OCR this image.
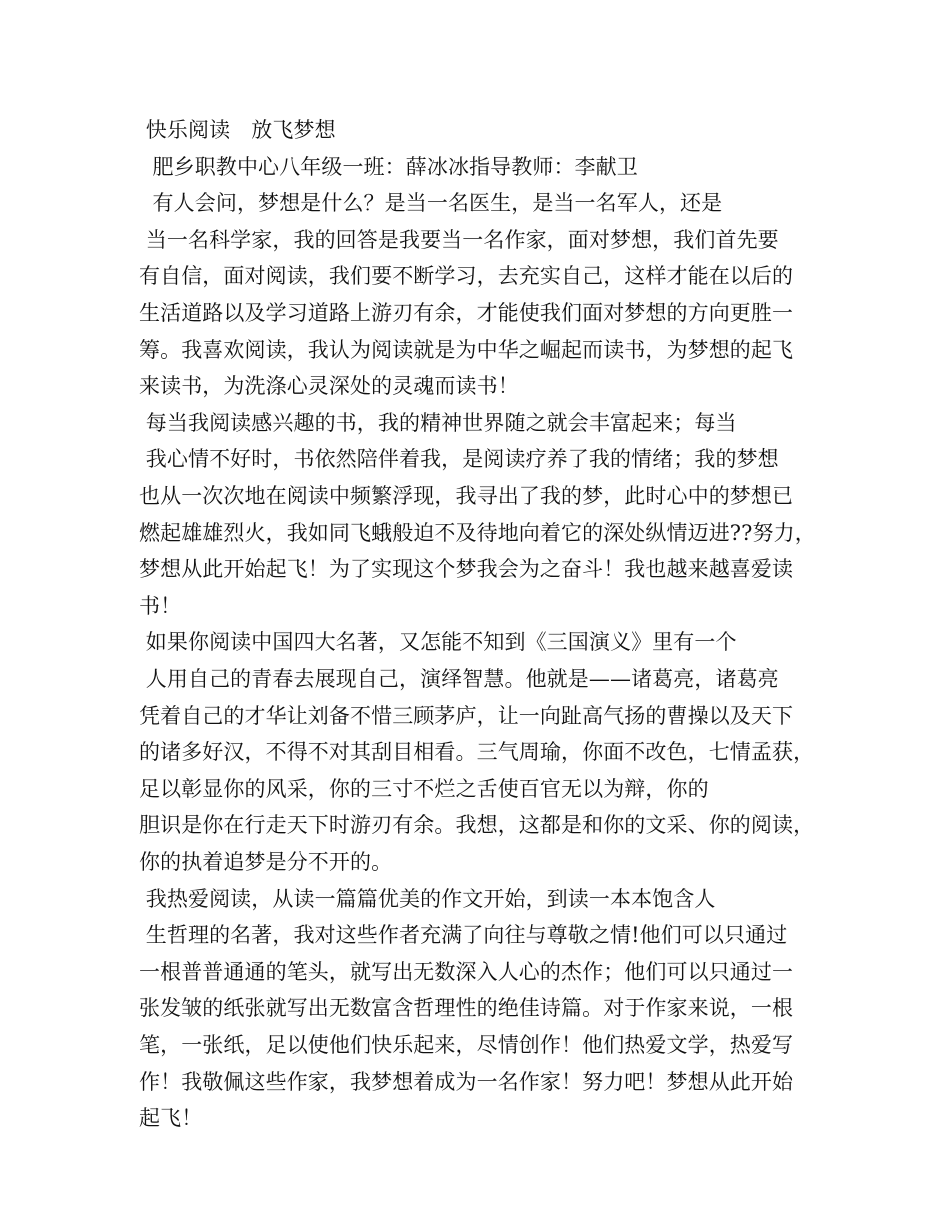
快乐阅读　放飞梦想
肥乡职教中心八年级一班：薛冰冰指导教师：李献卫
有人会问，梦想是什么？是当一名医生，是当一名军人，还是
当一名科学家，我的回答是我要当一名作家，面对梦想，我们首先要
有自信，面对阅读，我们要不断学习，去充实自己，这样才能在以后的
生活道路以及学习道路上游刃有余，才能使我们面对梦想的方向更胜一
筹。我喜欢阅读，我认为阅读就是为中华之崛起而读书，为梦想的起飞
来读书，为洗涤心灵深处的灵魂而读书！
每当我阅读感兴趣的书，我的精神世界随之就会丰富起来；每当
我心情不好时，书依然陪伴着我，是阅读疗养了我的情绪；我的梦想
也从一次次地在阅读中频繁浮现，我寻出了我的梦，此时心中的梦想已
燃起雄雄烈火，我如同飞蛾般迫不及待地向着它的深处纵情迈进??努力，
梦想从此开始起飞！为了实现这个梦我会为之奋斗！我也越来越喜爱读
书！
如果你阅读中国四大名著，又怎能不知到《三国演义》里有一个
人用自己的青春去展现自己，演绎智慧。他就是——诸葛亮，诸葛亮
凭着自己的才华让刘备不惜三顾茅庐，让一向趾高气扬的曹操以及天下
的诸多好汉，不得不对其刮目相看。三气周瑜，你面不改色，七情孟获，
足以彰显你的风采，你的三寸不烂之舌使百官无以为辩，你的
胆识是你在行走天下时游刃有余。我想，这都是和你的文采、你的阅读，
你的执着追梦是分不开的。
我热爱阅读，从读一篇篇优美的作文开始，到读一本本饱含人
生哲理的名著，我对这些作者充满了向往与尊敬之情!他们可以只通过
一根普普通通的笔头，就写出无数深入人心的杰作；他们可以只通过一
张发皱的纸张就写出无数富含哲理性的绝佳诗篇。对于作家来说，一根
笔，一张纸，足以使他们快乐起来，尽情创作！他们热爱文学，热爱写
作！我敬佩这些作家，我梦想着成为一名作家！努力吧！梦想从此开始
起飞！
